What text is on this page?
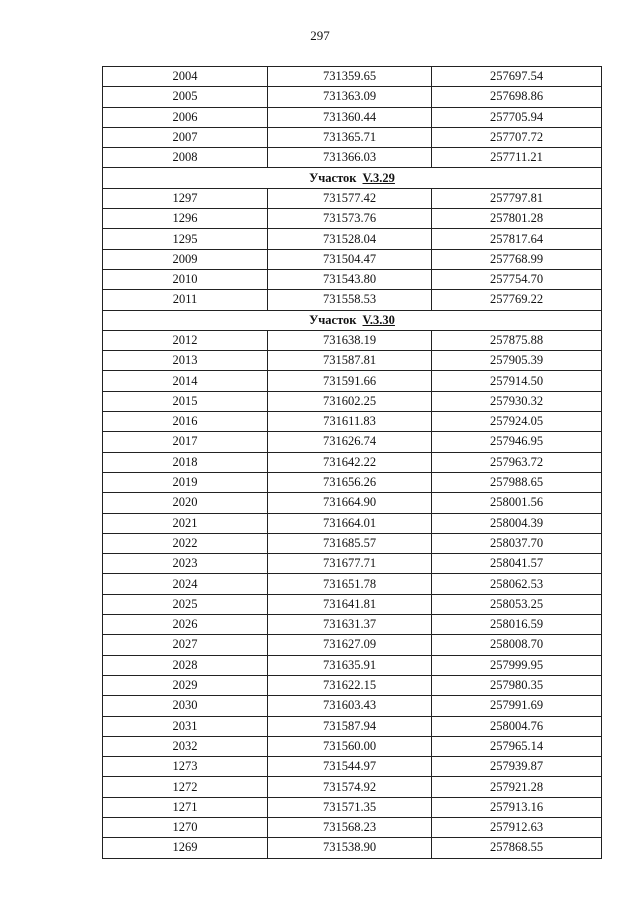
297
2004	731359.65	257697.54
2005	731363.09	257698.86
2006	731360.44	257705.94
2007	731365.71	257707.72
2008	731366.03	257711.21
Участок V.3.29		
1297	731577.42	257797.81
1296	731573.76	257801.28
1295	731528.04	257817.64
2009	731504.47	257768.99
2010	731543.80	257754.70
2011	731558.53	257769.22
Участок V.3.30		
2012	731638.19	257875.88
2013	731587.81	257905.39
2014	731591.66	257914.50
2015	731602.25	257930.32
2016	731611.83	257924.05
2017	731626.74	257946.95
2018	731642.22	257963.72
2019	731656.26	257988.65
2020	731664.90	258001.56
2021	731664.01	258004.39
2022	731685.57	258037.70
2023	731677.71	258041.57
2024	731651.78	258062.53
2025	731641.81	258053.25
2026	731631.37	258016.59
2027	731627.09	258008.70
2028	731635.91	257999.95
2029	731622.15	257980.35
2030	731603.43	257991.69
2031	731587.94	258004.76
2032	731560.00	257965.14
1273	731544.97	257939.87
1272	731574.92	257921.28
1271	731571.35	257913.16
1270	731568.23	257912.63
1269	731538.90	257868.55
